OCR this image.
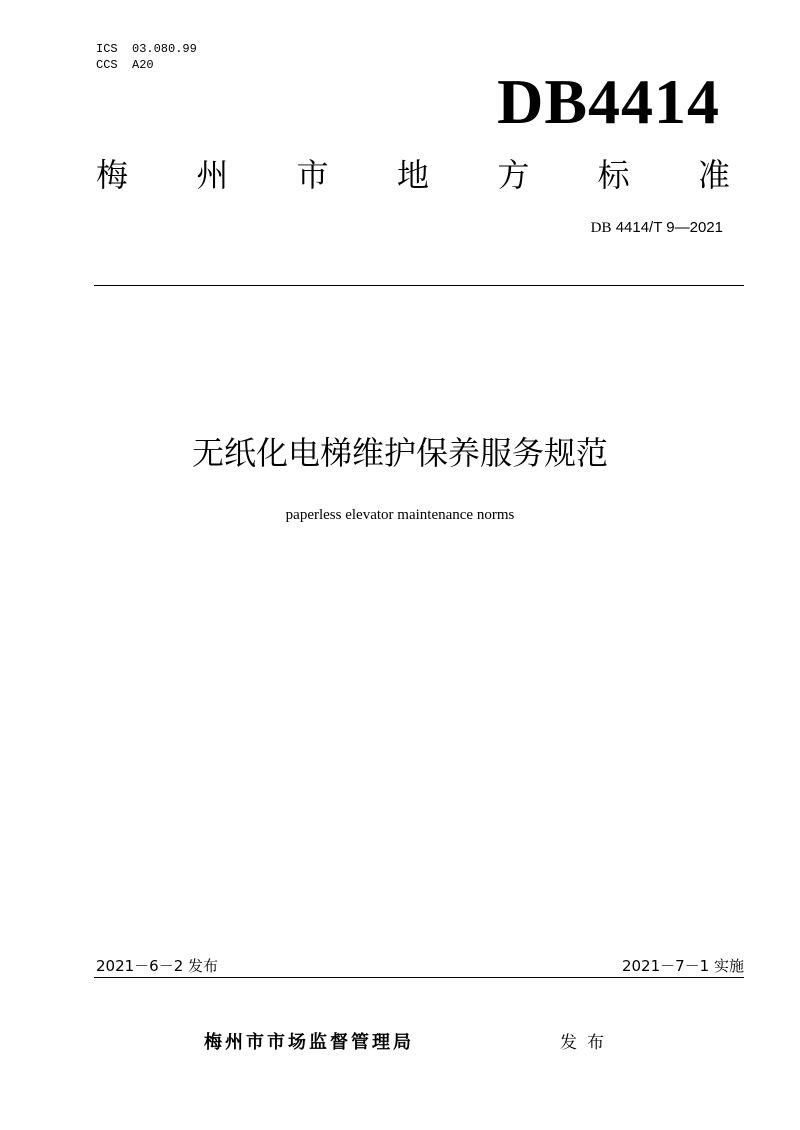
ICS  03.080.99
CCS  A20
DB4414
梅 州 市 地 方 标 准
DB 4414/T 9—2021
无纸化电梯维护保养服务规范
paperless elevator maintenance norms
2021－6－2 发布	2021－7－1 实施
梅州市市场监督管理局	发布
